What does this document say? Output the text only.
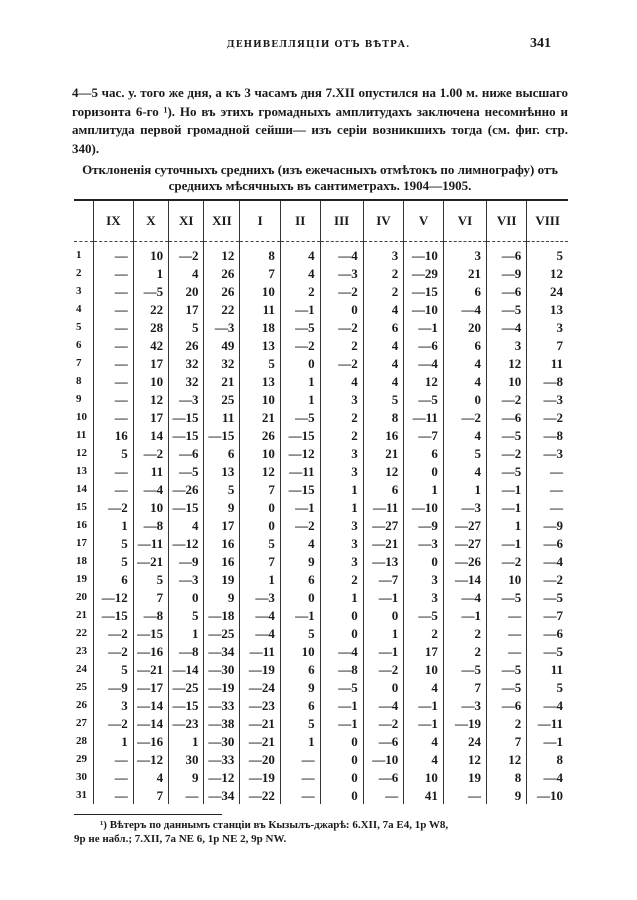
ДЕНИВЕЛЛЯЦІИ ОТЪ ВѢТРА.	341
4—5 час. у. того же дня, а къ 3 часамъ дня 7.XII опустился на 1.00 м. ниже высшаго горизонта 6-го ¹). Но въ этихъ громадныхъ амплитудахъ заключена несомнѣнно и амплитуда первой громадной сейши— изъ серіи возникшихъ тогда (см. фиг. стр. 340).
Отклоненія суточныхъ среднихъ (изъ ежечасныхъ отмѣтокъ по лимнографу) отъ среднихъ мѣсячныхъ въ сантиметрахъ. 1904—1905.
	IX	X	XI	XII	I	II	III	IV	V	VI	VII	VIII
1	—	10	—2	12	8	4	—4	3	—10	3	—6	5
2	—	1	4	26	7	4	—3	2	—29	21	—9	12
3	—	—5	20	26	10	2	—2	2	—15	6	—6	24
4	—	22	17	22	11	—1	0	4	—10	—4	—5	13
5	—	28	5	—3	18	—5	—2	6	—1	20	—4	3
6	—	42	26	49	13	—2	2	4	—6	6	3	7
7	—	17	32	32	5	0	—2	4	—4	4	12	11
8	—	10	32	21	13	1	4	4	12	4	10	—8
9	—	12	—3	25	10	1	3	5	—5	0	—2	—3
10	—	17	—15	11	21	—5	2	8	—11	—2	—6	—2
11	16	14	—15	—15	26	—15	2	16	—7	4	—5	—8
12	5	—2	—6	6	10	—12	3	21	6	5	—2	—3
13	—	11	—5	13	12	—11	3	12	0	4	—5	—
14	—	—4	—26	5	7	—15	1	6	1	1	—1	—
15	—2	10	—15	9	0	—1	1	—11	—10	—3	—1	—
16	1	—8	4	17	0	—2	3	—27	—9	—27	1	—9
17	5	—11	—12	16	5	4	3	—21	—3	—27	—1	—6
18	5	—21	—9	16	7	9	3	—13	0	—26	—2	—4
19	6	5	—3	19	1	6	2	—7	3	—14	10	—2
20	—12	7	0	9	—3	0	1	—1	3	—4	—5	—5
21	—15	—8	5	—18	—4	—1	0	0	—5	—1	—	—7
22	—2	—15	1	—25	—4	5	0	1	2	2	—	—6
23	—2	—16	—8	—34	—11	10	—4	—1	17	2	—	—5
24	5	—21	—14	—30	—19	6	—8	—2	10	—5	—5	11
25	—9	—17	—25	—19	—24	9	—5	0	4	7	—5	5
26	3	—14	—15	—33	—23	6	—1	—4	—1	—3	—6	—4
27	—2	—14	—23	—38	—21	5	—1	—2	—1	—19	2	—11
28	1	—16	1	—30	—21	1	0	—6	4	24	7	—1
29	—	—12	30	—33	—20	—	0	—10	4	12	12	8
30	—	4	9	—12	—19	—	0	—6	10	19	8	—4
31	—	7	—	—34	—22	—	0	—	41	—	9	—10
¹) Вѣтеръ по даннымъ станціи въ Кызылъ-джарѣ: 6.XII, 7a E4, 1p W8,
9p не набл.; 7.XII, 7a NE 6, 1p NE 2, 9p NW.
